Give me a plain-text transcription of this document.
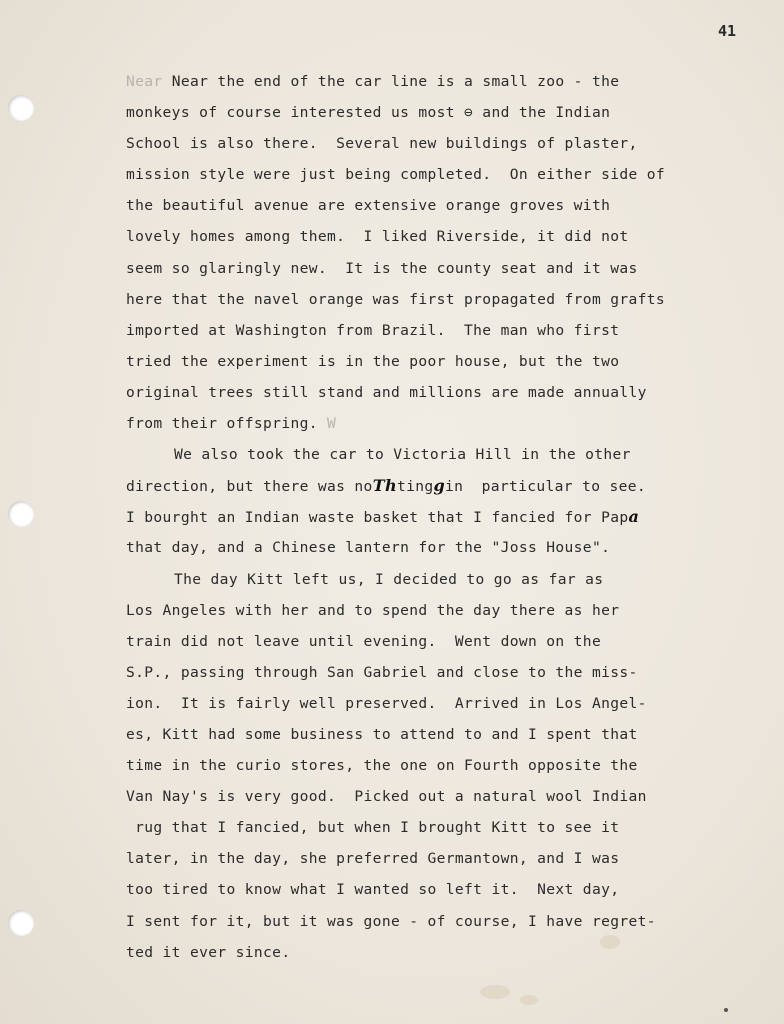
41
Near Near the end of the car line is a small zoo - the
monkeys of course interested us most ⊖ and the Indian
School is also there.  Several new buildings of plaster,
mission style were just being completed.  On either side of
the beautiful avenue are extensive orange groves with
lovely homes among them.  I liked Riverside, it did not
seem so glaringly new.  It is the county seat and it was
here that the navel orange was first propagated from grafts
imported at Washington from Brazil.  The man who first
tried the experiment is in the poor house, but the two
original trees still stand and millions are made annually
from their offspring. W
We also took the car to Victoria Hill in the other
direction, but there was noThtinggin  particular to see.
I bourght an Indian waste basket that I fancied for Papa
that day, and a Chinese lantern for the "Joss House".
The day Kitt left us, I decided to go as far as
Los Angeles with her and to spend the day there as her
train did not leave until evening.  Went down on the
S.P., passing through San Gabriel and close to the miss-
ion.  It is fairly well preserved.  Arrived in Los Angel-
es, Kitt had some business to attend to and I spent that
time in the curio stores, the one on Fourth opposite the
Van Nay's is very good.  Picked out a natural wool Indian
rug that I fancied, but when I brought Kitt to see it
later, in the day, she preferred Germantown, and I was
too tired to know what I wanted so left it.  Next day,
I sent for it, but it was gone - of course, I have regret-
ted it ever since.
